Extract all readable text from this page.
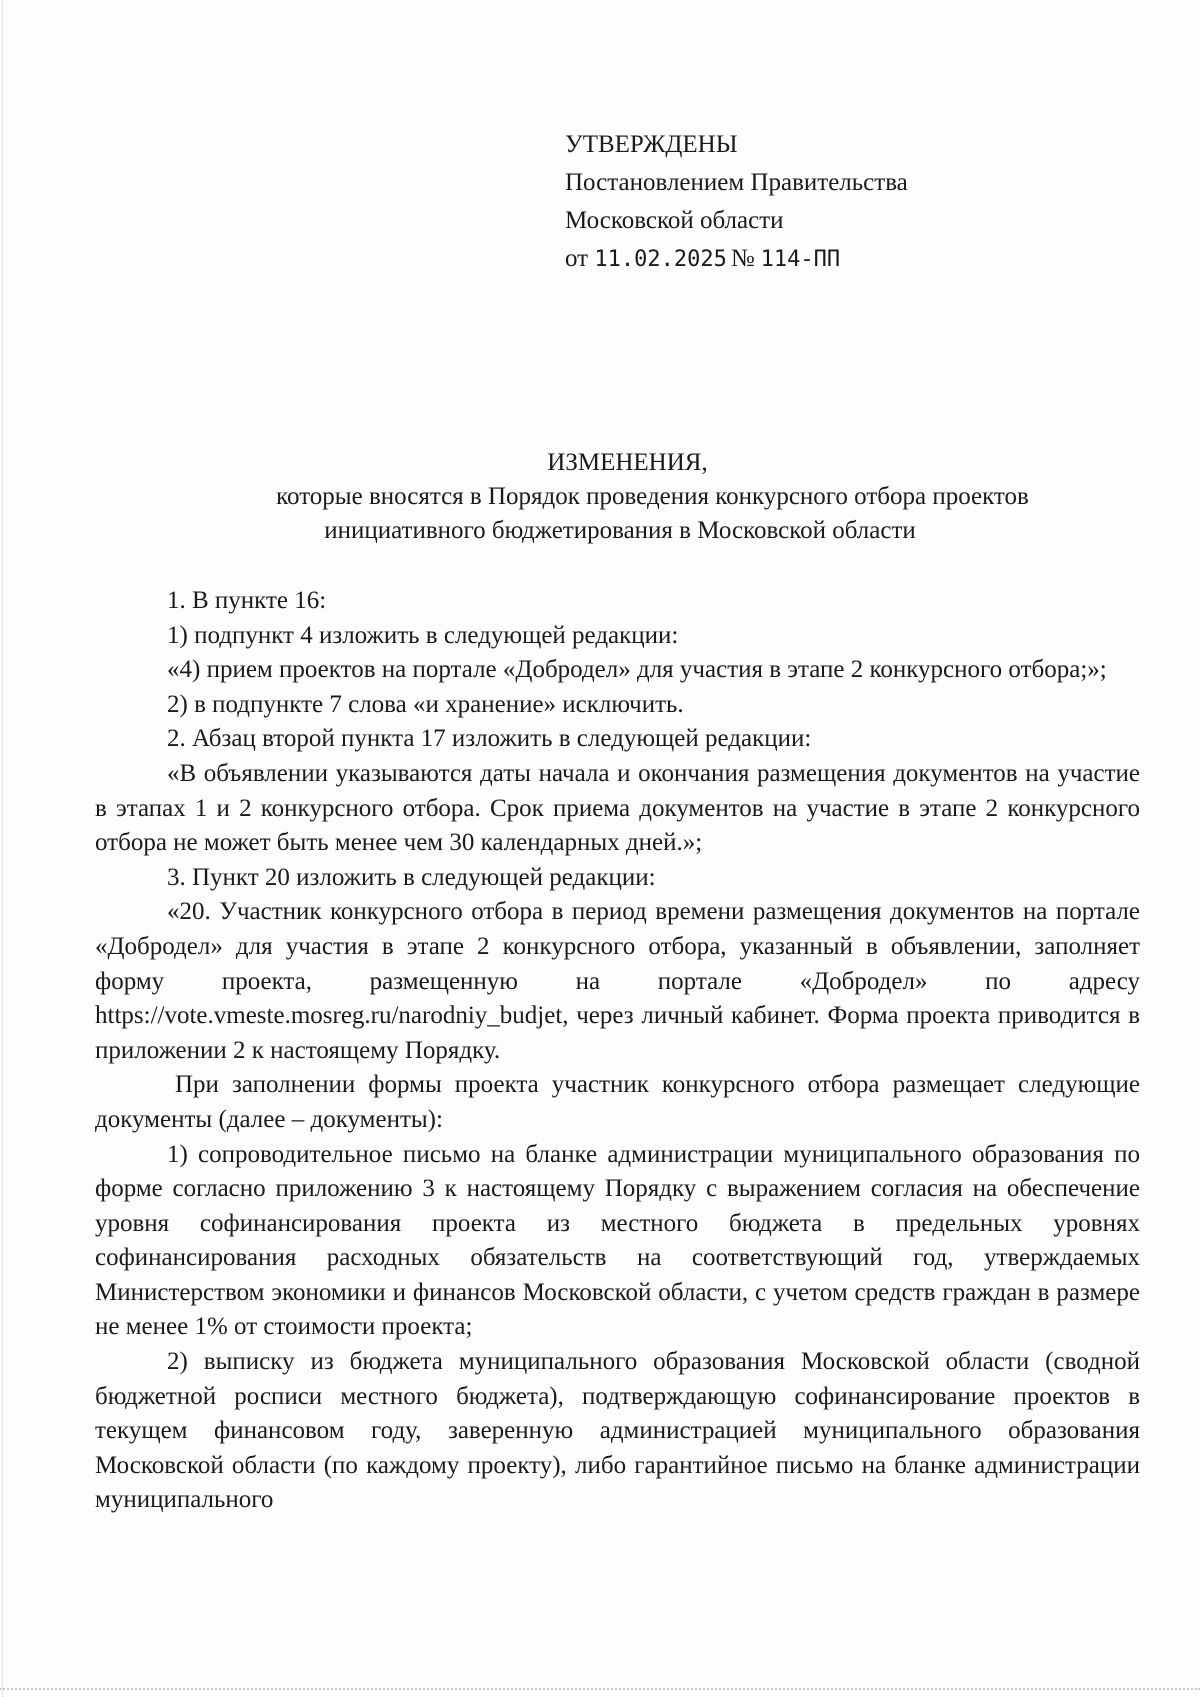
УТВЕРЖДЕНЫ
Постановлением Правительства
Московской области
от 11.02.2025 № 114-ПП
ИЗМЕНЕНИЯ,
которые вносятся в Порядок проведения конкурсного отбора проектов
инициативного бюджетирования в Московской области

1. В пункте 16:

1) подпункт 4 изложить в следующей редакции:

«4) прием проектов на портале «Добродел» для участия в этапе 2 конкурсного отбора;»;

2) в подпункте 7 слова «и хранение» исключить.

2. Абзац второй пункта 17 изложить в следующей редакции:

«В объявлении указываются даты начала и окончания размещения документов на участие в этапах 1 и 2 конкурсного отбора. Срок приема документов на участие в этапе 2 конкурсного отбора не может быть менее чем 30 календарных дней.»;

3. Пункт 20 изложить в следующей редакции:

«20. Участник конкурсного отбора в период времени размещения документов на портале «Добродел» для участия в этапе 2 конкурсного отбора, указанный в объявлении, заполняет форму проекта, размещенную на портале «Добродел» по адресу https://vote.vmeste.mosreg.ru/narodniy_budjet, через личный кабинет. Форма проекта приводится в приложении 2 к настоящему Порядку.

При заполнении формы проекта участник конкурсного отбора размещает следующие документы (далее – документы):

1) сопроводительное письмо на бланке администрации муниципального образования по форме согласно приложению 3 к настоящему Порядку с выражением согласия на обеспечение уровня софинансирования проекта из местного бюджета в предельных уровнях софинансирования расходных обязательств на соответствующий год, утверждаемых Министерством экономики и финансов Московской области, с учетом средств граждан в размере не менее 1% от стоимости проекта;

2) выписку из бюджета муниципального образования Московской области (сводной бюджетной росписи местного бюджета), подтверждающую софинансирование проектов в текущем финансовом году, заверенную администрацией муниципального образования Московской области (по каждому проекту), либо гарантийное письмо на бланке администрации муниципального
